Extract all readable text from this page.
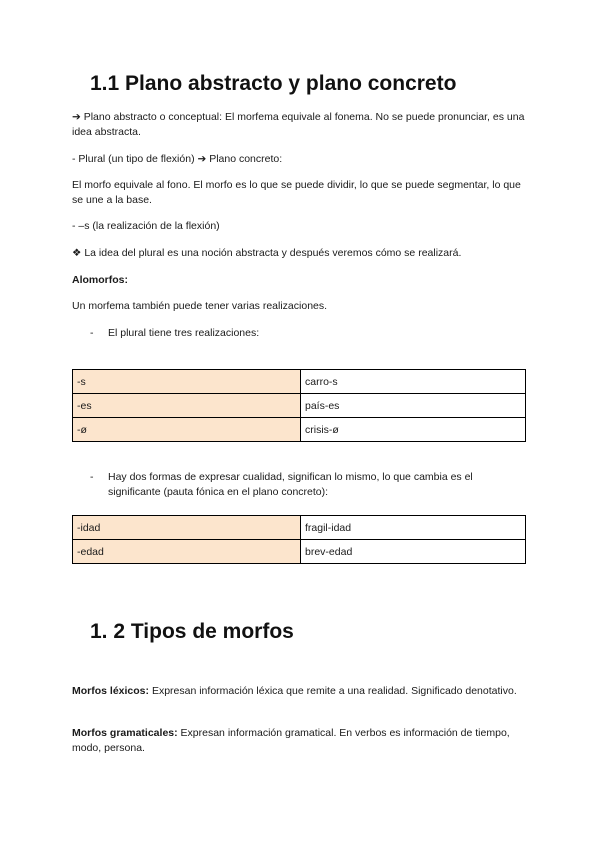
1.1 Plano abstracto y plano concreto

➔ Plano abstracto o conceptual: El morfema equivale al fonema. No se puede pronunciar, es una idea abstracta.

- Plural (un tipo de flexión) ➔ Plano concreto:

El morfo equivale al fono. El morfo es lo que se puede dividir, lo que se puede segmentar, lo que se une a la base.

- –s (la realización de la flexión)

❖ La idea del plural es una noción abstracta y después veremos cómo se realizará.

Alomorfos:

Un morfema también puede tener varias realizaciones.

- El plural tiene tres realizaciones:
-s	carro-s
-es	país-es
-ø	crisis-ø
- Hay dos formas de expresar cualidad, significan lo mismo, lo que cambia es el significante (pauta fónica en el plano concreto):
-idad	fragil-idad
-edad	brev-edad
1. 2 Tipos de morfos

Morfos léxicos: Expresan información léxica que remite a una realidad. Significado denotativo.

Morfos gramaticales: Expresan información gramatical. En verbos es información de tiempo, modo, persona.
